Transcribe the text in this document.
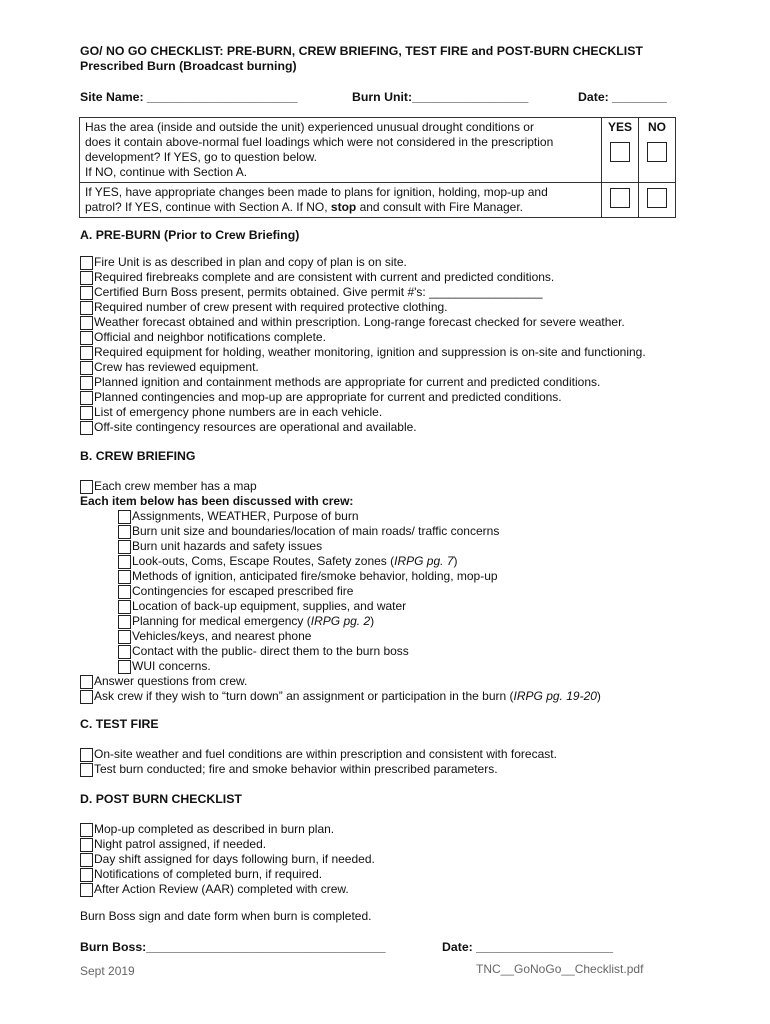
GO/ NO GO CHECKLIST: PRE-BURN, CREW BRIEFING, TEST FIRE and POST-BURN CHECKLIST
Prescribed Burn (Broadcast burning)
Site Name: ______________________	Burn Unit:_________________	Date: ________
Has the area (inside and outside the unit) experienced unusual drought conditions or
does it contain above-normal fuel loadings which were not considered in the prescription
development? If YES, go to question below.
If NO, continue with Section A.	YES	NO

If YES, have appropriate changes been made to plans for ignition, holding, mop-up and
patrol? If YES, continue with Section A. If NO, stop and consult with Fire Manager.		

A. PRE-BURN (Prior to Crew Briefing)
Fire Unit is as described in plan and copy of plan is on site.
Required firebreaks complete and are consistent with current and predicted conditions.
Certified Burn Boss present, permits obtained. Give permit #'s: _________________
Required number of crew present with required protective clothing.
Weather forecast obtained and within prescription. Long-range forecast checked for severe weather.
Official and neighbor notifications complete.
Required equipment for holding, weather monitoring, ignition and suppression is on-site and functioning.
Crew has reviewed equipment.
Planned ignition and containment methods are appropriate for current and predicted conditions.
Planned contingencies and mop-up are appropriate for current and predicted conditions.
List of emergency phone numbers are in each vehicle.
Off-site contingency resources are operational and available.
B. CREW BRIEFING
Each crew member has a map
Each item below has been discussed with crew:
Assignments, WEATHER, Purpose of burn
Burn unit size and boundaries/location of main roads/ traffic concerns
Burn unit hazards and safety issues
Look-outs, Coms, Escape Routes, Safety zones ( IRPG pg. 7 )
Methods of ignition, anticipated fire/smoke behavior, holding, mop-up
Contingencies for escaped prescribed fire
Location of back-up equipment, supplies, and water
Planning for medical emergency ( IRPG pg. 2 )
Vehicles/keys, and nearest phone
Contact with the public- direct them to the burn boss
WUI concerns.
Answer questions from crew.
Ask crew if they wish to “turn down” an assignment or participation in the burn ( IRPG pg. 19-20 )
C. TEST FIRE
On-site weather and fuel conditions are within prescription and consistent with forecast.
Test burn conducted; fire and smoke behavior within prescribed parameters.
D. POST BURN CHECKLIST
Mop-up completed as described in burn plan.
Night patrol assigned, if needed.
Day shift assigned for days following burn, if needed.
Notifications of completed burn, if required.
After Action Review (AAR) completed with crew.
Burn Boss sign and date form when burn is completed.
Burn Boss:___________________________________	Date: ____________________
Sept 2019	TNC__GoNoGo__Checklist.pdf
